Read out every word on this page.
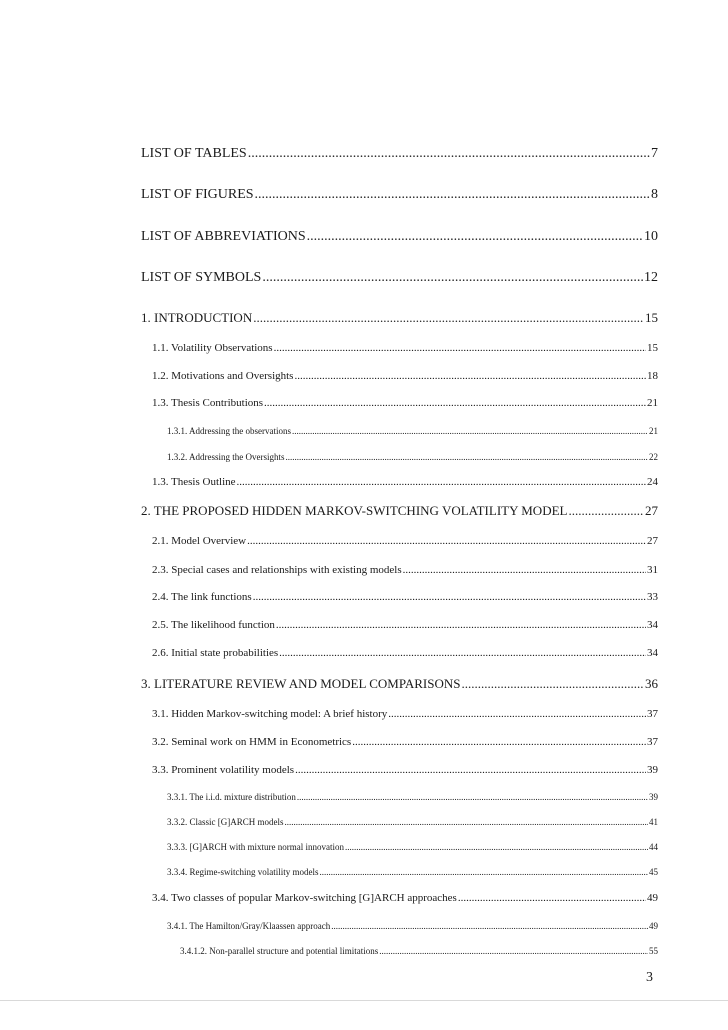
LIST OF TABLES .....	7
LIST OF FIGURES .....	8
LIST OF ABBREVIATIONS .....	10
LIST OF SYMBOLS .....	12
1. INTRODUCTION .....	15
1.1. Volatility Observations .....	15
1.2. Motivations and Oversights .....	18
1.3. Thesis Contributions .....	21
1.3.1. Addressing the observations .....	21
1.3.2. Addressing the Oversights .....	22
1.3. Thesis Outline .....	24
2. THE PROPOSED HIDDEN MARKOV-SWITCHING VOLATILITY MODEL .....	27
2.1. Model Overview .....	27
2.3. Special cases and relationships with existing models .....	31
2.4. The link functions .....	33
2.5. The likelihood function .....	34
2.6. Initial state probabilities .....	34
3. LITERATURE REVIEW AND MODEL COMPARISONS .....	36
3.1. Hidden Markov-switching model: A brief history .....	37
3.2. Seminal work on HMM in Econometrics .....	37
3.3. Prominent volatility models .....	39
3.3.1. The i.i.d. mixture distribution .....	39
3.3.2. Classic [G]ARCH models .....	41
3.3.3. [G]ARCH with mixture normal innovation .....	44
3.3.4. Regime-switching volatility models .....	45
3.4. Two classes of popular Markov-switching [G]ARCH approaches .....	49
3.4.1. The Hamilton/Gray/Klaassen approach .....	49
3.4.1.2. Non-parallel structure and potential limitations .....	55
3
